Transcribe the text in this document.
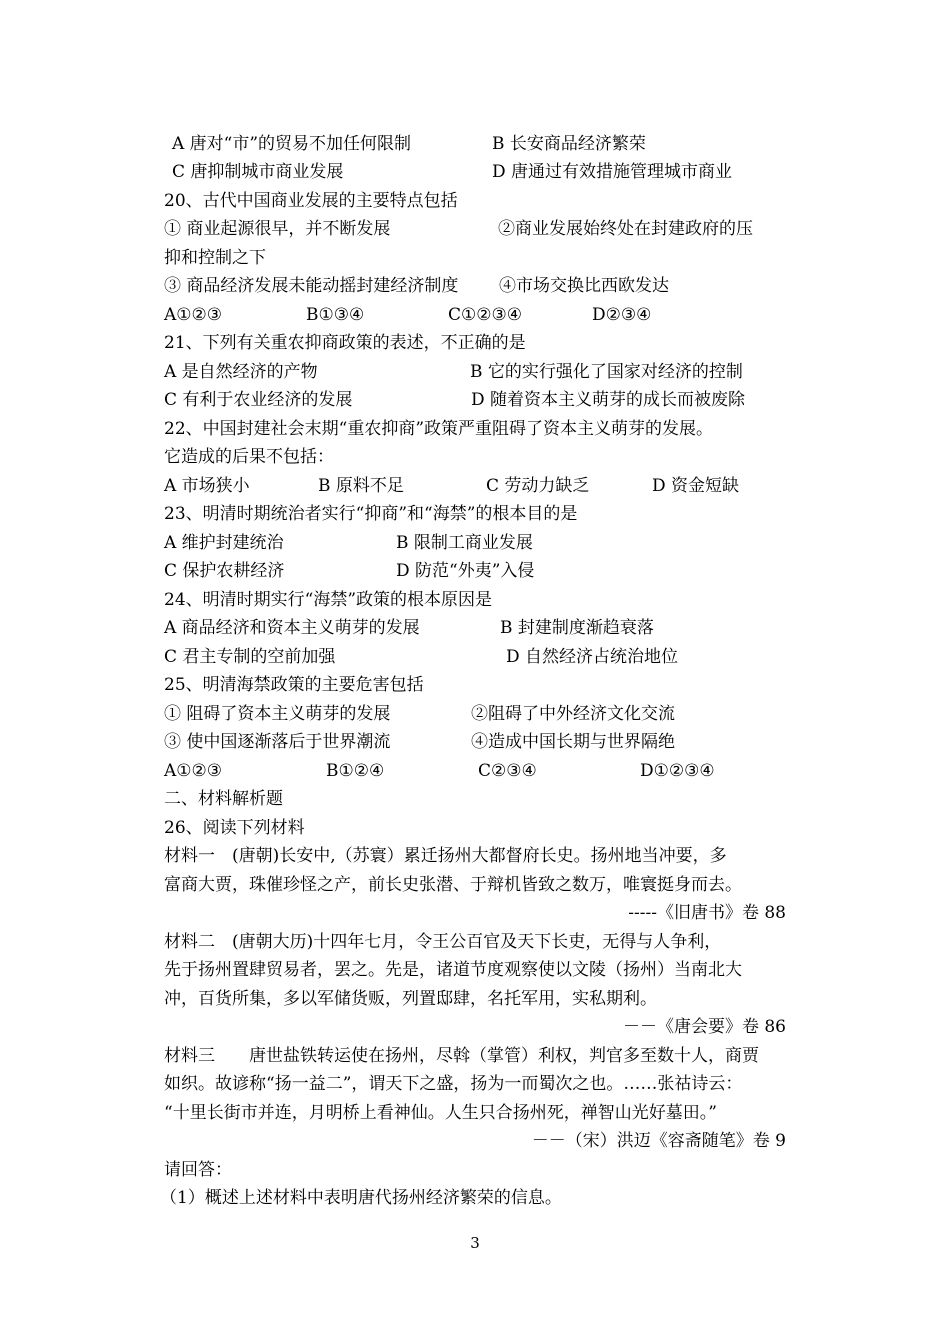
A 唐对“市”的贸易不加任何限制	B 长安商品经济繁荣
C 唐抑制城市商业发展	D 唐通过有效措施管理城市商业
20、古代中国商业发展的主要特点包括
① 商业起源很早，并不断发展	②商业发展始终处在封建政府的压
抑和控制之下
③ 商品经济发展未能动摇封建经济制度 ④市场交换比西欧发达
A①②③	B①③④	C①②③④	D②③④
21、下列有关重农抑商政策的表述，不正确的是
A 是自然经济的产物	B 它的实行强化了国家对经济的控制
C 有利于农业经济的发展	D 随着资本主义萌芽的成长而被废除
22、中国封建社会末期“重农抑商”政策严重阻碍了资本主义萌芽的发展。
它造成的后果不包括：
A 市场狭小	B 原料不足	C 劳动力缺乏	D 资金短缺
23、明清时期统治者实行“抑商”和“海禁”的根本目的是
A 维护封建统治	B 限制工商业发展
C 保护农耕经济	D 防范“外夷”入侵
24、明清时期实行“海禁”政策的根本原因是
A 商品经济和资本主义萌芽的发展	B 封建制度渐趋衰落
C 君主专制的空前加强	D 自然经济占统治地位
25、明清海禁政策的主要危害包括
① 阻碍了资本主义萌芽的发展	②阻碍了中外经济文化交流
③ 使中国逐渐落后于世界潮流	④造成中国长期与世界隔绝
A①②③	B①②④	C②③④	D①②③④
二、材料解析题
26、阅读下列材料
材料一　(唐朝)长安中,（苏寰）累迁扬州大都督府长史。扬州地当冲要，多
富商大贾，珠催珍怪之产，前长史张潜、于辩机皆致之数万，唯寰挺身而去。
-----《旧唐书》卷 88
材料二　(唐朝大历)十四年七月，令王公百官及天下长吏，无得与人争利，
先于扬州置肆贸易者，罢之。先是，诸道节度观察使以文陵（扬州）当南北大
冲，百货所集，多以军储货贩，列置邸肆，名托军用，实私期利。
－－《唐会要》卷 86
材料三　　唐世盐铁转运使在扬州，尽斡（掌管）利权，判官多至数十人，商贾
如织。故谚称“扬一益二”，谓天下之盛，扬为一而蜀次之也。……张祜诗云：
“十里长街市并连，月明桥上看神仙。人生只合扬州死，禅智山光好墓田。”
－－（宋）洪迈《容斋随笔》卷 9
请回答：
（1）概述上述材料中表明唐代扬州经济繁荣的信息。
3
